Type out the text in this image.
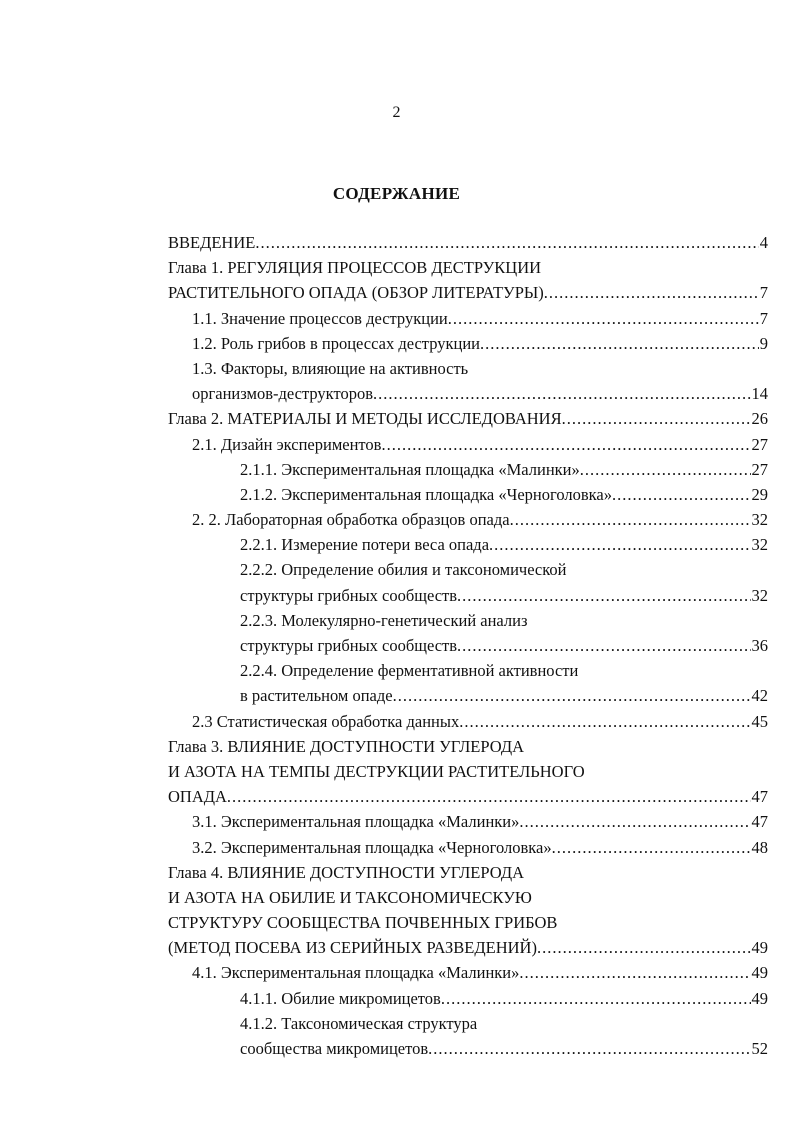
2
СОДЕРЖАНИЕ
ВВЕДЕНИЕ .....	4
Глава 1. РЕГУЛЯЦИЯ ПРОЦЕССОВ ДЕСТРУКЦИИ
РАСТИТЕЛЬНОГО ОПАДА (ОБЗОР ЛИТЕРАТУРЫ) .....	7
1.1. Значение процессов деструкции .....	7
1.2. Роль грибов в процессах деструкции .....	9
1.3. Факторы, влияющие на активность
организмов-деструкторов .....	14
Глава 2. МАТЕРИАЛЫ И МЕТОДЫ ИССЛЕДОВАНИЯ .....	26
2.1. Дизайн экспериментов .....	27
2.1.1. Экспериментальная площадка «Малинки» .....	27
2.1.2. Экспериментальная площадка «Черноголовка» .....	29
2. 2. Лабораторная обработка образцов опада .....	32
2.2.1. Измерение потери веса опада .....	32
2.2.2. Определение обилия и таксономической
структуры грибных сообществ .....	32
2.2.3. Молекулярно-генетический анализ
структуры грибных сообществ .....	36
2.2.4. Определение ферментативной активности
в растительном опаде .....	42
2.3 Статистическая обработка данных .....	45
Глава 3. ВЛИЯНИЕ ДОСТУПНОСТИ УГЛЕРОДА
И АЗОТА НА ТЕМПЫ ДЕСТРУКЦИИ РАСТИТЕЛЬНОГО
ОПАДА .....	47
3.1. Экспериментальная площадка «Малинки» .....	47
3.2. Экспериментальная площадка «Черноголовка» .....	48
Глава 4. ВЛИЯНИЕ ДОСТУПНОСТИ УГЛЕРОДА
И АЗОТА НА ОБИЛИЕ И ТАКСОНОМИЧЕСКУЮ
СТРУКТУРУ СООБЩЕСТВА ПОЧВЕННЫХ ГРИБОВ
(МЕТОД ПОСЕВА ИЗ СЕРИЙНЫХ РАЗВЕДЕНИЙ) .....	49
4.1. Экспериментальная площадка «Малинки» .....	49
4.1.1. Обилие микромицетов .....	49
4.1.2. Таксономическая структура
сообщества микромицетов .....	52
